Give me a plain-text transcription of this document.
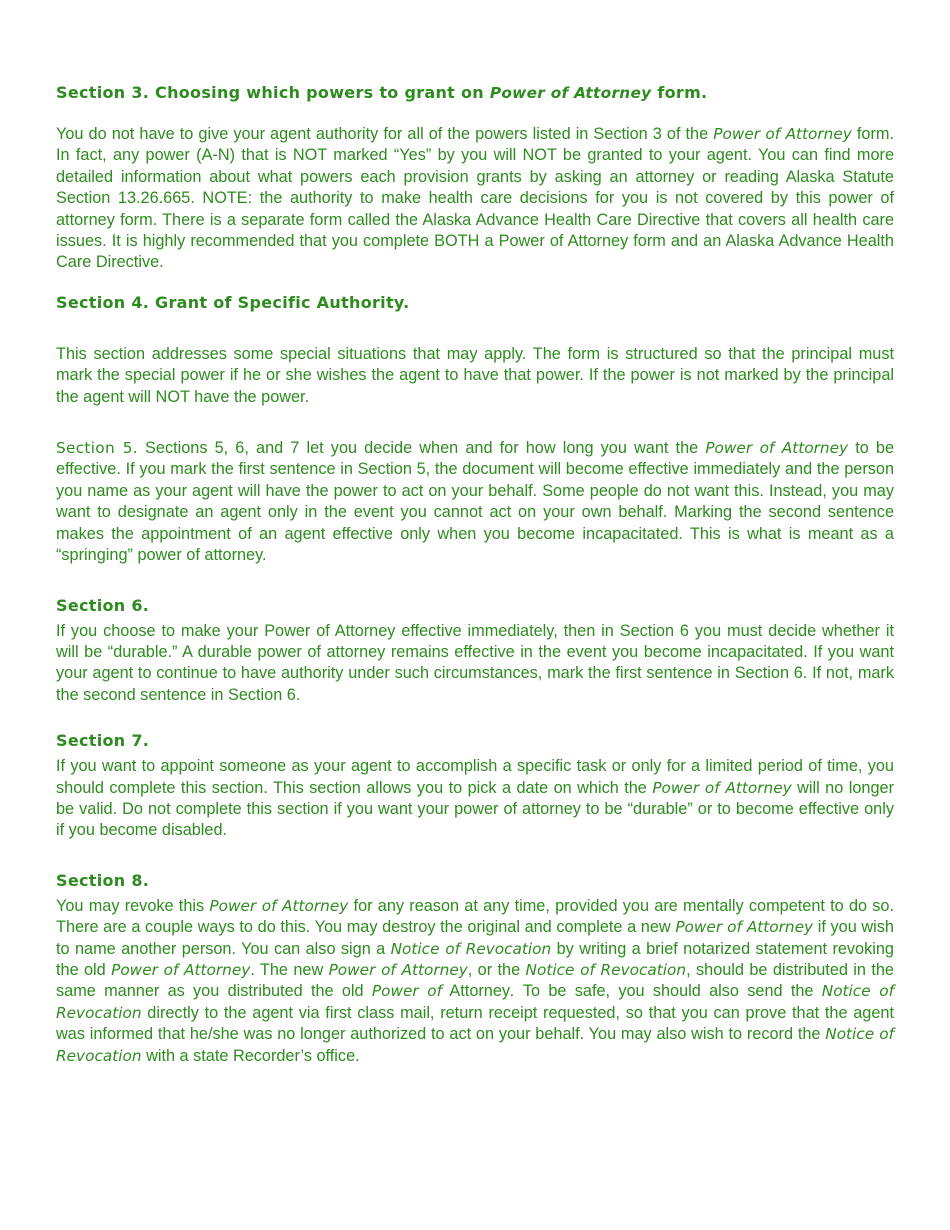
Section 3. Choosing which powers to grant on Power of Attorney form.

You do not have to give your agent authority for all of the powers listed in Section 3 of the Power of Attorney form. In fact, any power (A-N) that is NOT marked “Yes” by you will NOT be granted to your agent. You can find more detailed information about what powers each provision grants by asking an attorney or reading Alaska Statute Section 13.26.665. NOTE: the authority to make health care decisions for you is not covered by this power of attorney form. There is a separate form called the Alaska Advance Health Care Directive that covers all health care issues. It is highly recommended that you complete BOTH a Power of Attorney form and an Alaska Advance Health Care Directive.

Section 4. Grant of Specific Authority.

This section addresses some special situations that may apply. The form is structured so that the principal must mark the special power if he or she wishes the agent to have that power. If the power is not marked by the principal the agent will NOT have the power.

Section 5. Sections 5, 6, and 7 let you decide when and for how long you want the Power of Attorney to be effective. If you mark the first sentence in Section 5, the document will become effective immediately and the person you name as your agent will have the power to act on your behalf. Some people do not want this. Instead, you may want to designate an agent only in the event you cannot act on your own behalf. Marking the second sentence makes the appointment of an agent effective only when you become incapacitated. This is what is meant as a “springing” power of attorney.

Section 6.

If you choose to make your Power of Attorney effective immediately, then in Section 6 you must decide whether it will be “durable.” A durable power of attorney remains effective in the event you become incapacitated. If you want your agent to continue to have authority under such circumstances, mark the first sentence in Section 6. If not, mark the second sentence in Section 6.

Section 7.

If you want to appoint someone as your agent to accomplish a specific task or only for a limited period of time, you should complete this section. This section allows you to pick a date on which the Power of Attorney will no longer be valid. Do not complete this section if you want your power of attorney to be “durable” or to become effective only if you become disabled.

Section 8.

You may revoke this Power of Attorney for any reason at any time, provided you are mentally competent to do so. There are a couple ways to do this. You may destroy the original and complete a new Power of Attorney if you wish to name another person. You can also sign a Notice of Revocation by writing a brief notarized statement revoking the old Power of Attorney. The new Power of Attorney, or the Notice of Revocation, should be distributed in the same manner as you distributed the old Power of Attorney. To be safe, you should also send the Notice of Revocation directly to the agent via first class mail, return receipt requested, so that you can prove that the agent was informed that he/she was no longer authorized to act on your behalf. You may also wish to record the Notice of Revocation with a state Recorder’s office.
